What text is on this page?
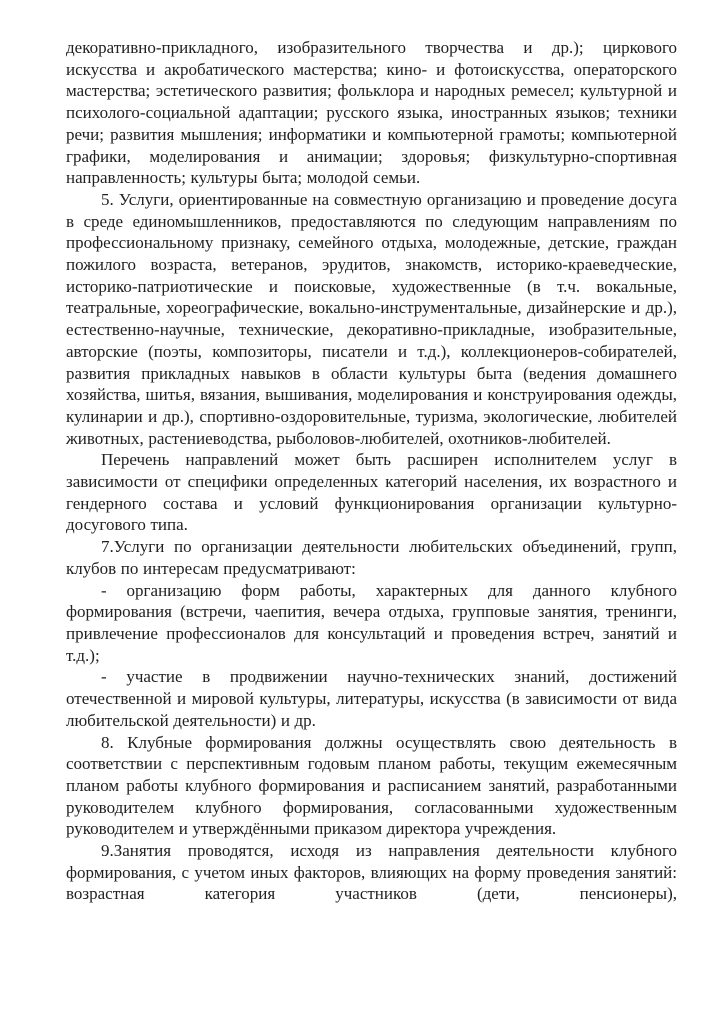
декоративно-прикладного, изобразительного творчества и др.); циркового искусства и акробатического мастерства; кино- и фотоискусства, операторского мастерства; эстетического развития; фольклора и народных ремесел; культурной и психолого-социальной адаптации; русского языка, иностранных языков; техники речи; развития мышления; информатики и компьютерной грамоты; компьютерной графики, моделирования и анимации; здоровья; физкультурно-спортивная направленность; культуры быта; молодой семьи.

5. Услуги, ориентированные на совместную организацию и проведение досуга в среде единомышленников, предоставляются по следующим направлениям по профессиональному признаку, семейного отдыха, молодежные, детские, граждан пожилого возраста, ветеранов, эрудитов, знакомств, историко-краеведческие, историко-патриотические и поисковые, художественные (в т.ч. вокальные, театральные, хореографические, вокально-инструментальные, дизайнерские и др.), естественно-научные, технические, декоративно-прикладные, изобразительные, авторские (поэты, композиторы, писатели и т.д.), коллекционеров-собирателей, развития прикладных навыков в области культуры быта (ведения домашнего хозяйства, шитья, вязания, вышивания, моделирования и конструирования одежды, кулинарии и др.), спортивно-оздоровительные, туризма, экологические, любителей животных, растениеводства, рыболовов-любителей, охотников-любителей.

Перечень направлений может быть расширен исполнителем услуг в зависимости от специфики определенных категорий населения, их возрастного и гендерного состава и условий функционирования организации культурно-досугового типа.

7.Услуги по организации деятельности любительских объединений, групп, клубов по интересам предусматривают:

- организацию форм работы, характерных для данного клубного формирования (встречи, чаепития, вечера отдыха, групповые занятия, тренинги, привлечение профессионалов для консультаций и проведения встреч, занятий и т.д.);

- участие в продвижении научно-технических знаний, достижений отечественной и мировой культуры, литературы, искусства (в зависимости от вида любительской деятельности) и др.

8. Клубные формирования должны осуществлять свою деятельность в соответствии с перспективным годовым планом работы, текущим ежемесячным планом работы клубного формирования и расписанием занятий, разработанными руководителем клубного формирования, согласованными художественным руководителем и утверждёнными приказом директора учреждения.

9.Занятия проводятся, исходя из направления деятельности клубного формирования, с учетом иных факторов, влияющих на форму проведения занятий: возрастная категория участников (дети, пенсионеры),
